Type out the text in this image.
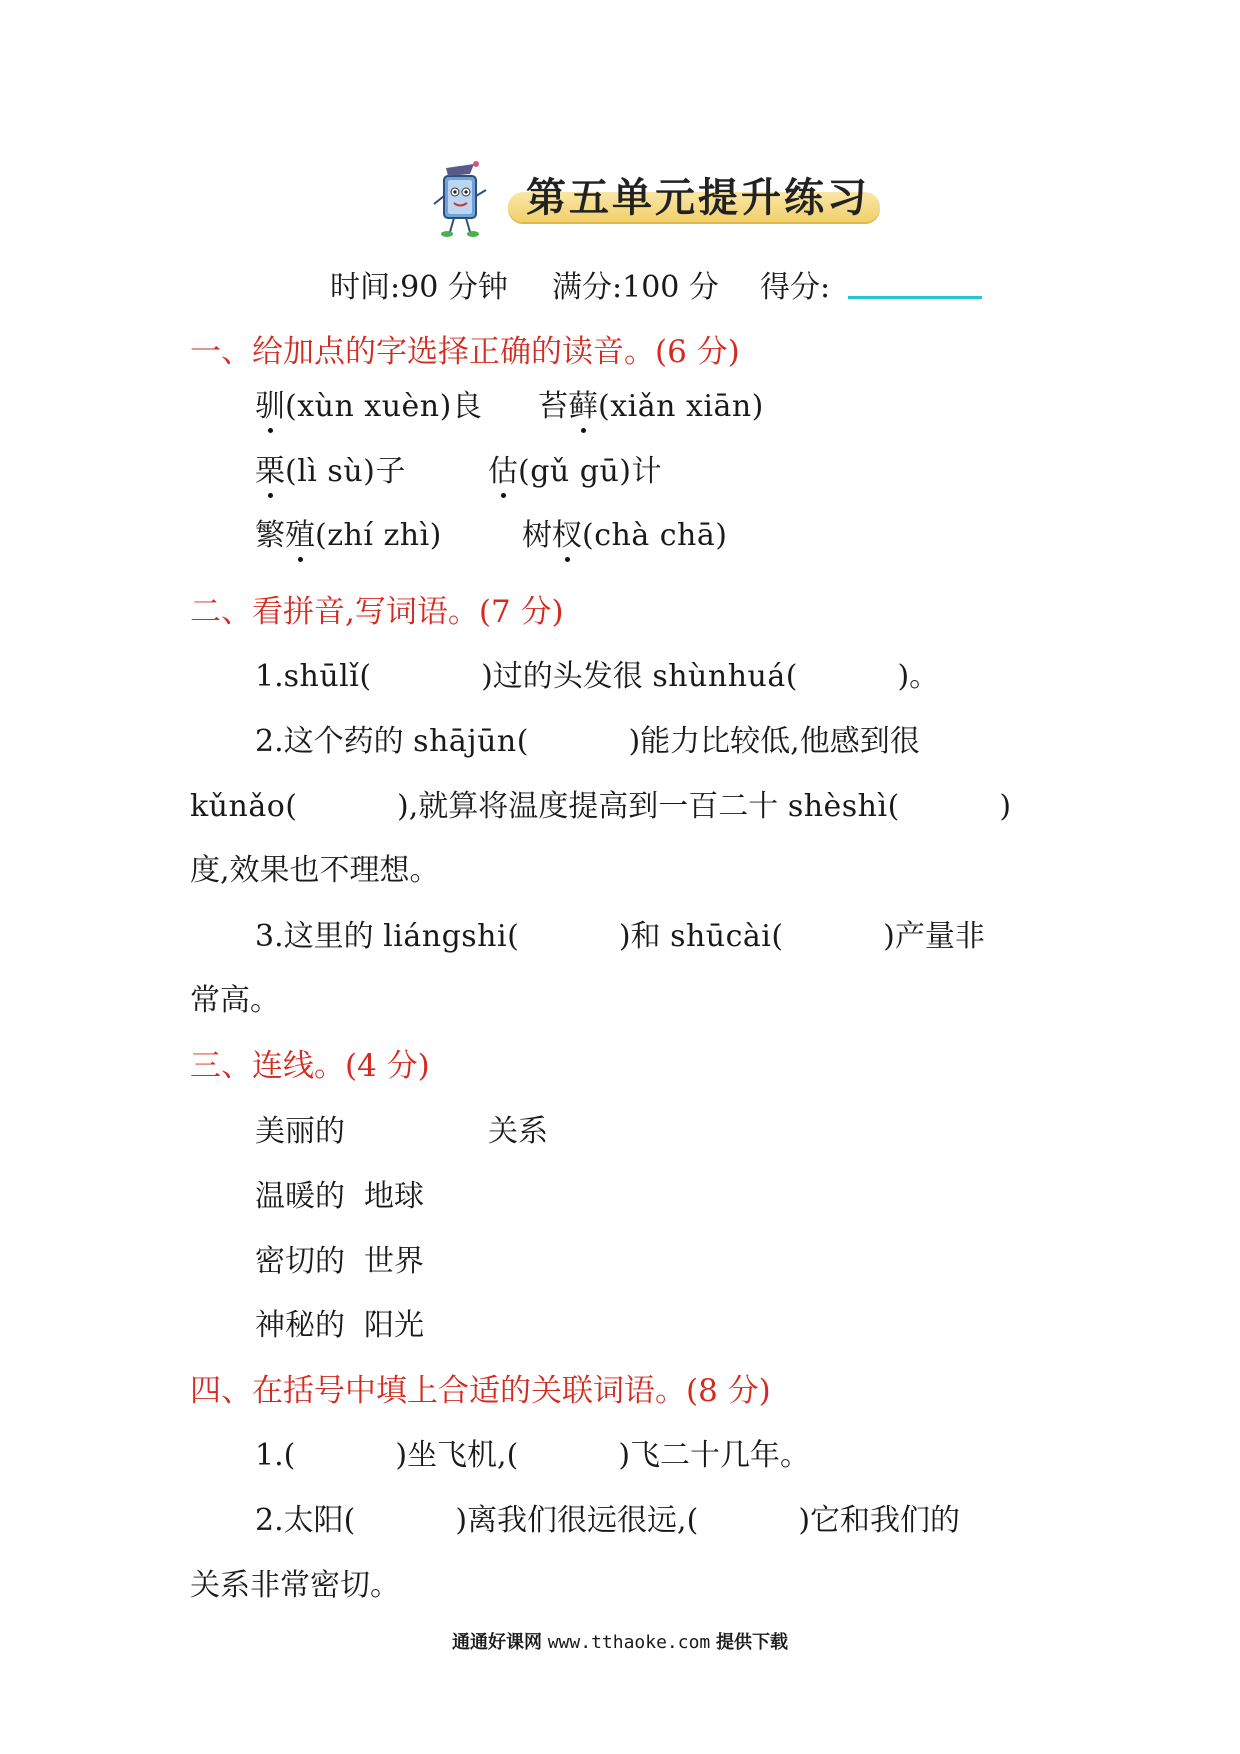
第五单元提升练习
时间:90 分钟 满分:100 分 得分:
一、给加点的字选择正确的读音。(6 分)
驯(xùn xuèn)良 苔藓(xiǎn xiān)
栗(lì sù)子	估(gǔ gū)计
繁殖(zhí zhì)	树杈(chà chā)
二、看拼音,写词语。(7 分)
1.shūlǐ(	)过的头发很 shùnhuá(	)。
2.这个药的 shājūn(	)能力比较低,他感到很
kǔnǎo(	),就算将温度提高到一百二十 shèshì(	)
度,效果也不理想。
3.这里的 liángshi(	)和 shūcài(	)产量非
常高。
三、连线。(4 分)
美丽的	关系
温暖的 地球
密切的 世界
神秘的 阳光
四、在括号中填上合适的关联词语。(8 分)
1.(	)坐飞机,(	)飞二十几年。
2.太阳(	)离我们很远很远,(	)它和我们的
关系非常密切。
通通好课网 www.tthaoke.com 提供下载
